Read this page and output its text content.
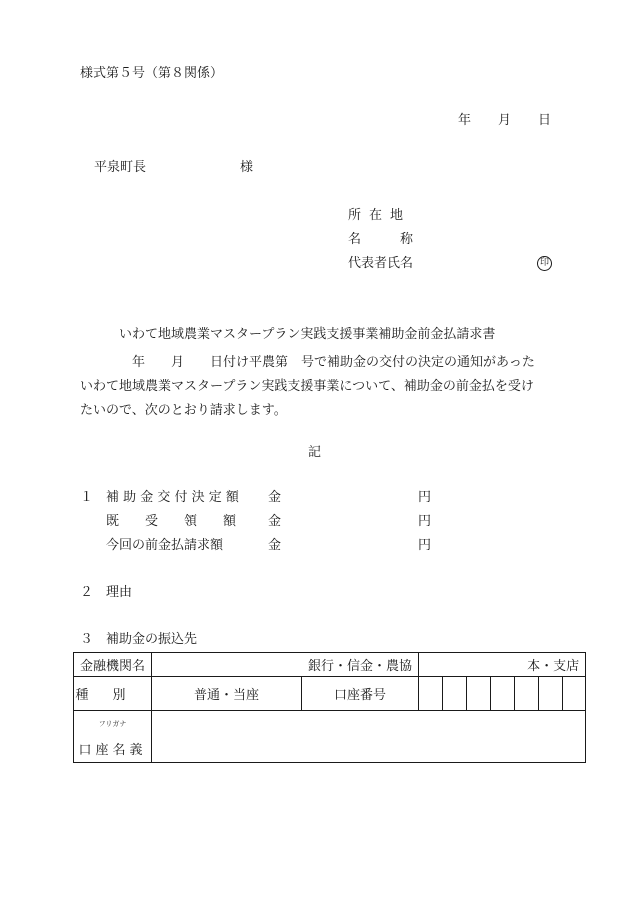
様式第５号（第８関係）
年 月 日
平泉町長	様
所在地
名　　　称
代表者氏名	印
いわて地域農業マスタープラン実践支援事業補助金前金払請求書
年　　月　　日付け平農第　号で補助金の交付の決定の通知があった
いわて地域農業マスタープラン実践支援事業について、補助金の前金払を受け
たいので、次のとおり請求します。
記
１ 補 助 金 交 付 決 定 額 金	円
既　　受　　領　　額 金	円
今回の前金払請求額	金	円
２ 理由
３ 補助金の振込先
金融機関名	銀行・信金・農協		本・支店						
種別	普通・当座	口座番号							

フリガナ
口座名義									
